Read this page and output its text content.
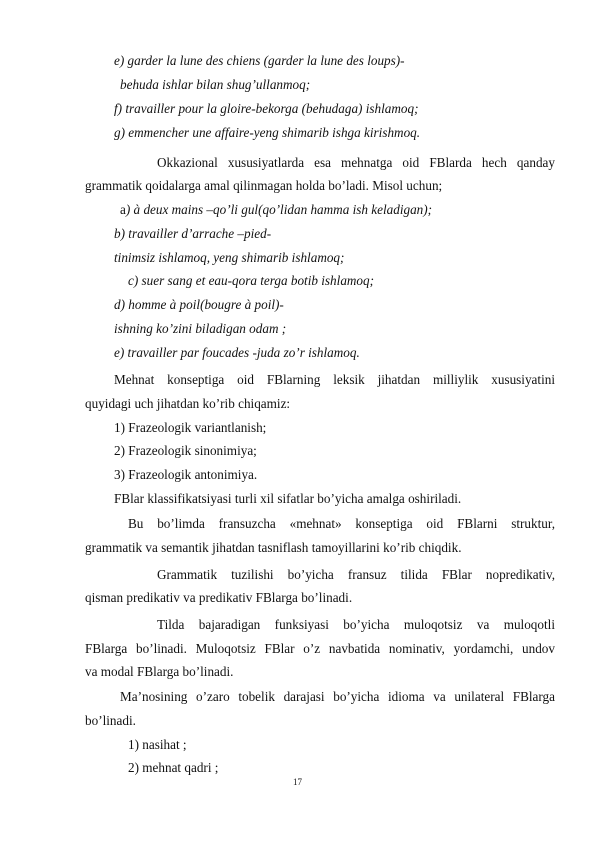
e) garder la lune des chiens (garder la lune des loups)-
behuda ishlar bilan shug’ullanmoq;
f) travailler pour la gloire-bekorga (behudaga) ishlamoq;
g) emmencher une affaire-yeng shimarib ishga kirishmoq.
Okkazional xususiyatlarda esa mehnatga oid FBlarda hech qanday
grammatik qoidalarga amal qilinmagan holda bo’ladi. Misol uchun;
a) à deux mains –qo’li gul(qo’lidan hamma ish keladigan);
b) travailler d’arrache –pied-
tinimsiz ishlamoq, yeng shimarib ishlamoq;
c) suer sang et eau-qora terga botib ishlamoq;
d) homme à poil(bougre à poil)-
ishning ko’zini biladigan odam ;
e) travailler par foucades -juda zo’r ishlamoq.
Mehnat konseptiga oid FBlarning leksik jihatdan milliylik xususiyatini
quyidagi uch jihatdan ko’rib chiqamiz:
1) Frazeologik variantlanish;
2) Frazeologik sinonimiya;
3) Frazeologik antonimiya.
FBlar klassifikatsiyasi turli xil sifatlar bo’yicha amalga oshiriladi.
Bu bo’limda fransuzcha «mehnat» konseptiga oid FBlarni struktur,
grammatik va semantik jihatdan tasniflash tamoyillarini ko’rib chiqdik.
Grammatik tuzilishi bo’yicha fransuz tilida FBlar nopredikativ,
qisman predikativ va predikativ FBlarga bo’linadi.
Tilda bajaradigan funksiyasi bo’yicha muloqotsiz va muloqotli
FBlarga bo’linadi. Muloqotsiz FBlar o’z navbatida nominativ, yordamchi, undov
va modal FBlarga bo’linadi.
Ma’nosining o’zaro tobelik darajasi bo’yicha idioma va unilateral FBlarga
bo’linadi.
1) nasihat ;
2) mehnat qadri ;
17
